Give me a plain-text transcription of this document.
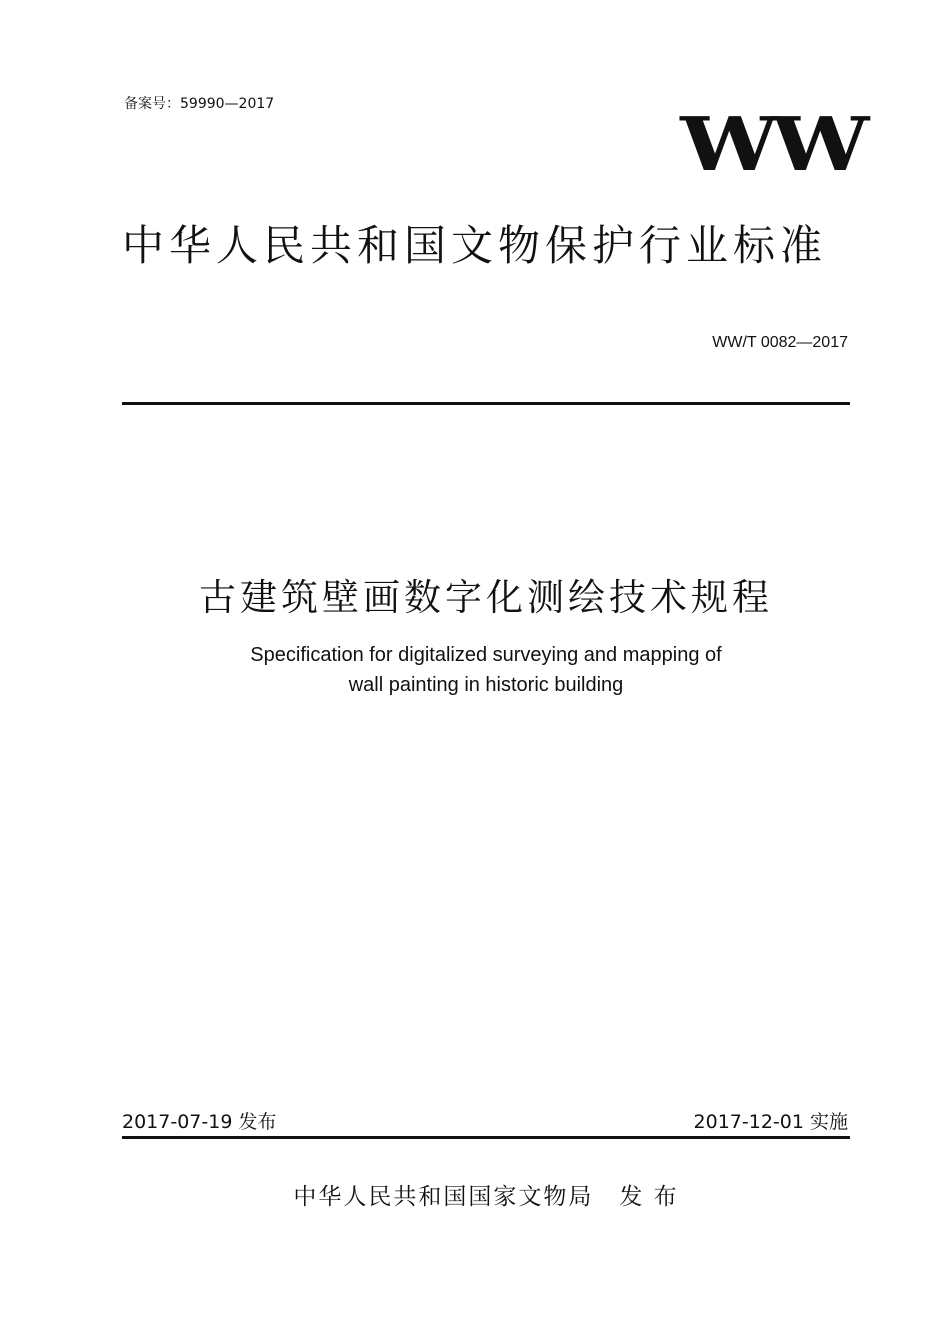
备案号：59990—2017	WW
中华人民共和国文物保护行业标准
WW/T 0082—2017
古建筑壁画数字化测绘技术规程
Specification for digitalized surveying and mapping of
wall painting in historic building
2017-07-19 发布	2017-12-01 实施
中华人民共和国国家文物局 发 布
